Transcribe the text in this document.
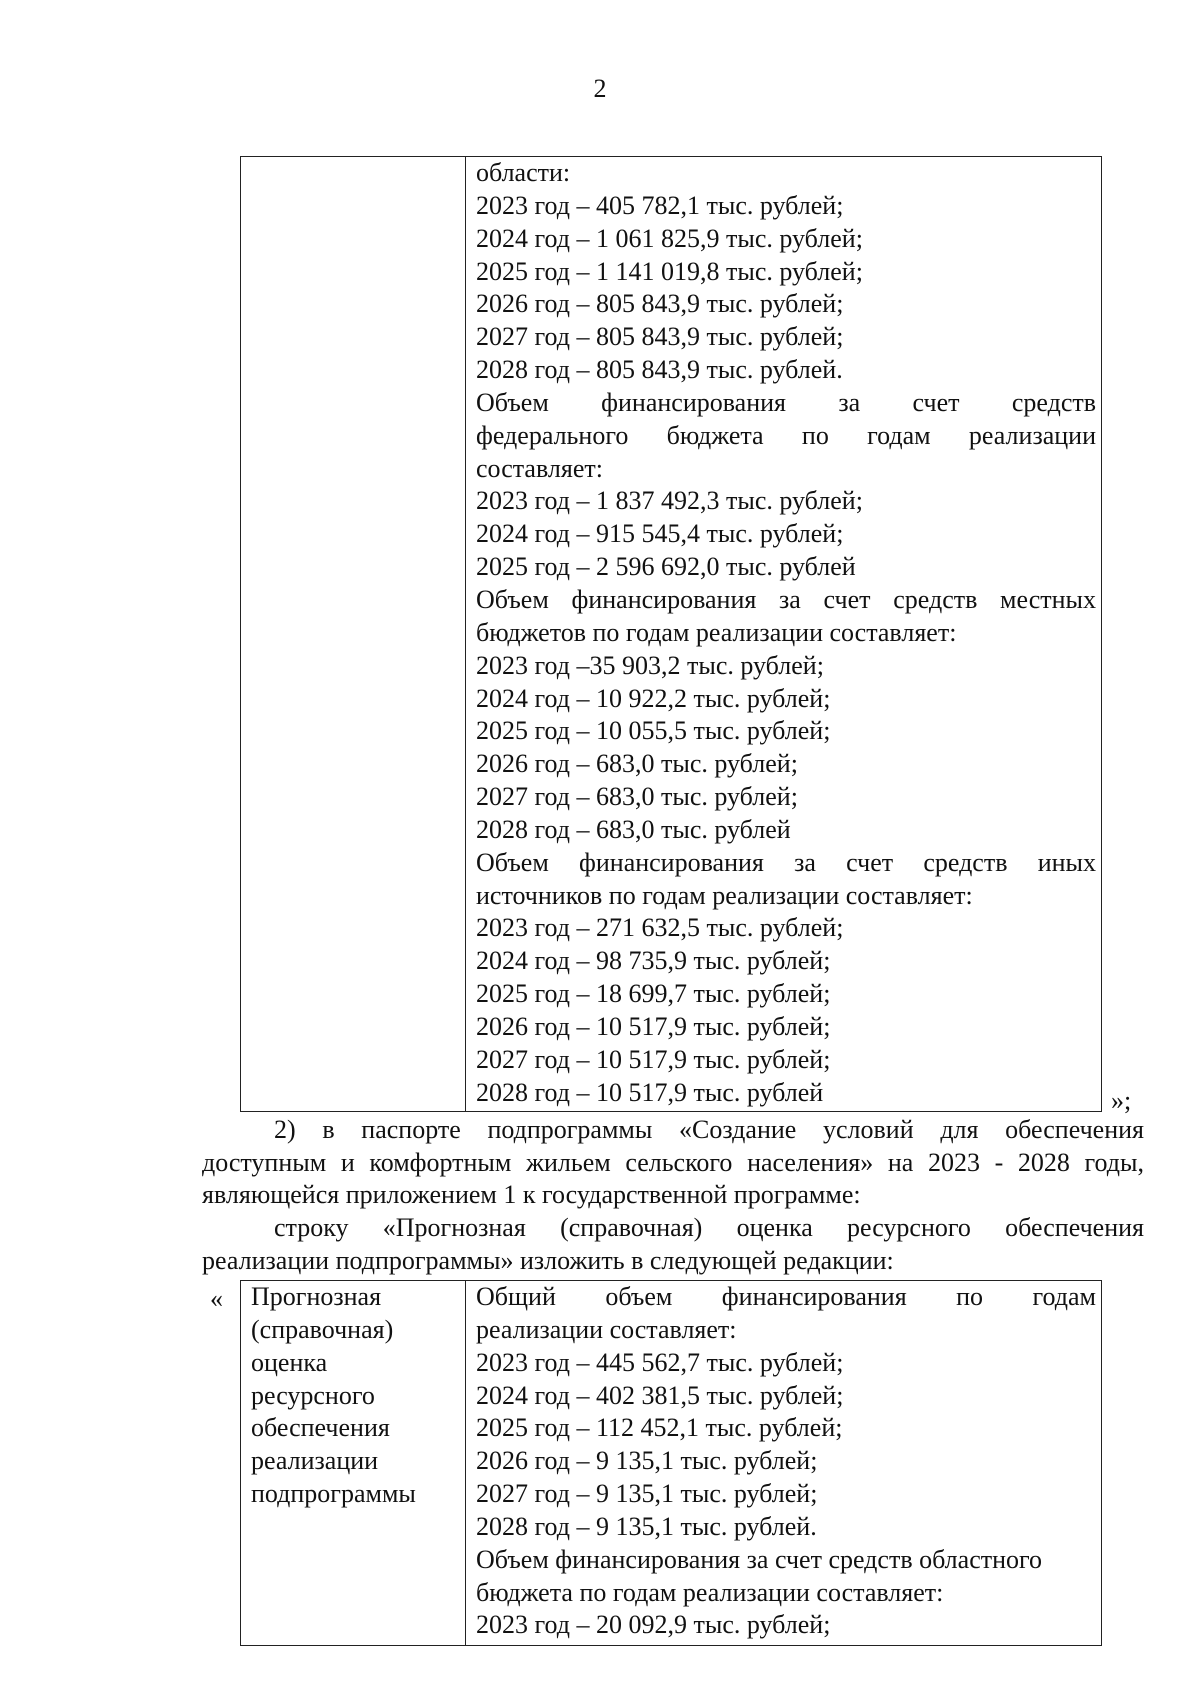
2
области:
2023 год – 405 782,1 тыс. рублей;
2024 год – 1 061 825,9 тыс. рублей;
2025 год – 1 141 019,8 тыс. рублей;
2026 год – 805 843,9 тыс. рублей;
2027 год – 805 843,9 тыс. рублей;
2028 год – 805 843,9 тыс. рублей.
Объем финансирования за счет средств
федерального бюджета по годам реализации
составляет:
2023 год – 1 837 492,3 тыс. рублей;
2024 год – 915 545,4 тыс. рублей;
2025 год – 2 596 692,0 тыс. рублей
Объем финансирования за счет средств местных
бюджетов по годам реализации составляет:
2023 год –35 903,2 тыс. рублей;
2024 год – 10 922,2 тыс. рублей;
2025 год – 10 055,5 тыс. рублей;
2026 год – 683,0 тыс. рублей;
2027 год – 683,0 тыс. рублей;
2028 год – 683,0 тыс. рублей
Объем финансирования за счет средств иных
источников по годам реализации составляет:
2023 год – 271 632,5 тыс. рублей;
2024 год – 98 735,9 тыс. рублей;
2025 год – 18 699,7 тыс. рублей;
2026 год – 10 517,9 тыс. рублей;
2027 год – 10 517,9 тыс. рублей;
2028 год – 10 517,9 тыс. рублей	»;
2) в паспорте подпрограммы «Создание условий для обеспечения
доступным и комфортным жильем сельского населения» на 2023 - 2028 годы,
являющейся приложением 1 к государственной программе:
строку «Прогнозная (справочная) оценка ресурсного обеспечения
реализации подпрограммы» изложить в следующей редакции:
« Прогнозная
(справочная)
оценка
ресурсного
обеспечения
реализации
подпрограммы
Общий объем финансирования по годам
реализации составляет:
2023 год – 445 562,7 тыс. рублей;
2024 год – 402 381,5 тыс. рублей;
2025 год – 112 452,1 тыс. рублей;
2026 год – 9 135,1 тыс. рублей;
2027 год – 9 135,1 тыс. рублей;
2028 год – 9 135,1 тыс. рублей.
Объем финансирования за счет средств областного
бюджета по годам реализации составляет:
2023 год – 20 092,9 тыс. рублей;
